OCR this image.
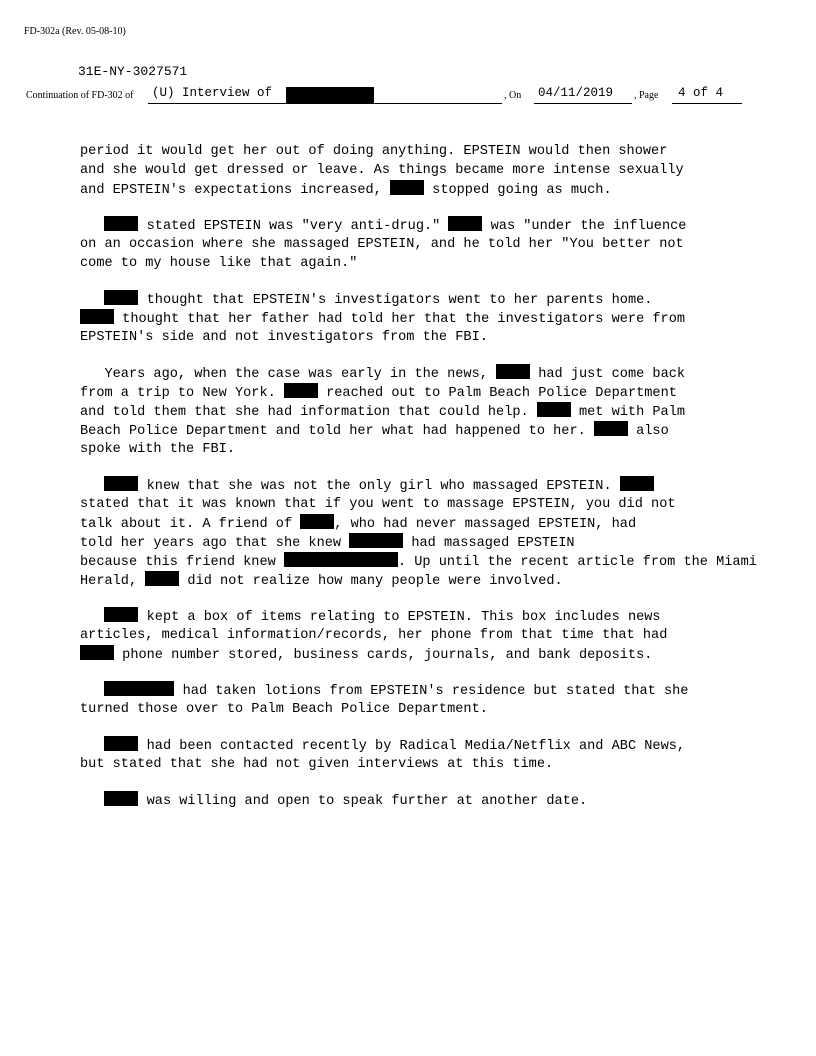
FD-302a (Rev. 05-08-10)
31E-NY-3027571
Continuation of FD-302 of (U) Interview of	, On 04/11/2019 , Page 4 of 4
period it would get her out of doing anything. EPSTEIN would then shower
and she would get dressed or leave. As things became more intense sexually
and EPSTEIN's expectations increased,	stopped going as much.
stated EPSTEIN was "very anti-drug."	was "under the influence
on an occasion where she massaged EPSTEIN, and he told her "You better not
come to my house like that again."
thought that EPSTEIN's investigators went to her parents home.
thought that her father had told her that the investigators were from
EPSTEIN's side and not investigators from the FBI.
Years ago, when the case was early in the news,	had just come back
from a trip to New York.	reached out to Palm Beach Police Department
and told them that she had information that could help.	met with Palm
Beach Police Department and told her what had happened to her.	also
spoke with the FBI.
knew that she was not the only girl who massaged EPSTEIN.
stated that it was known that if you went to massage EPSTEIN, you did not
talk about it. A friend of	, who had never massaged EPSTEIN, had
told her years ago that she knew	had massaged EPSTEIN
because this friend knew	. Up until the recent article from the Miami
Herald,	did not realize how many people were involved.
kept a box of items relating to EPSTEIN. This box includes news
articles, medical information/records, her phone from that time that had
phone number stored, business cards, journals, and bank deposits.
had taken lotions from EPSTEIN's residence but stated that she
turned those over to Palm Beach Police Department.
had been contacted recently by Radical Media/Netflix and ABC News,
but stated that she had not given interviews at this time.
was willing and open to speak further at another date.
